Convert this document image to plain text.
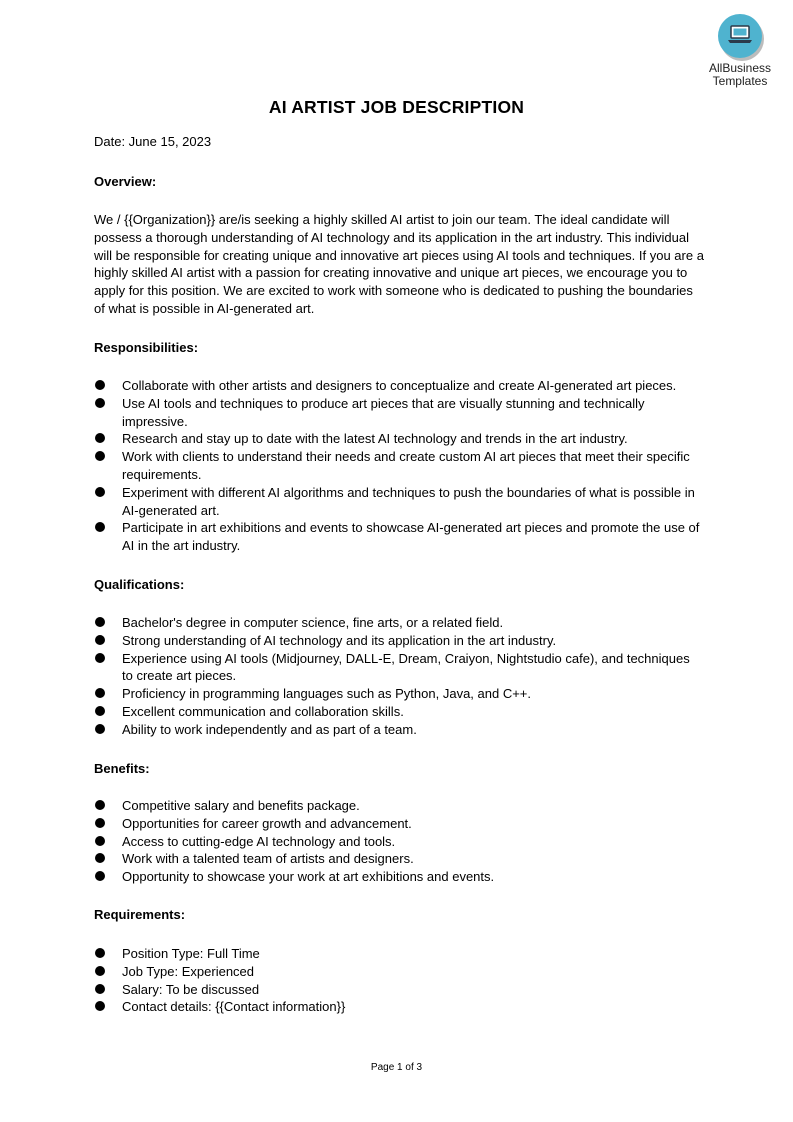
AllBusiness
Templates
AI ARTIST JOB DESCRIPTION
Date: June 15, 2023
Overview:
We / {{Organization}} are/is seeking a highly skilled AI artist to join our team. The ideal candidate will possess a thorough understanding of AI technology and its application in the art industry. This individual will be responsible for creating unique and innovative art pieces using AI tools and techniques. If you are a highly skilled AI artist with a passion for creating innovative and unique art pieces, we encourage you to apply for this position. We are excited to work with someone who is dedicated to pushing the boundaries of what is possible in AI-generated art.
Responsibilities:
Collaborate with other artists and designers to conceptualize and create AI-generated art pieces.
Use AI tools and techniques to produce art pieces that are visually stunning and technically impressive.
Research and stay up to date with the latest AI technology and trends in the art industry.
Work with clients to understand their needs and create custom AI art pieces that meet their specific requirements.
Experiment with different AI algorithms and techniques to push the boundaries of what is possible in AI-generated art.
Participate in art exhibitions and events to showcase AI-generated art pieces and promote the use of AI in the art industry.
Qualifications:
Bachelor's degree in computer science, fine arts, or a related field.
Strong understanding of AI technology and its application in the art industry.
Experience using AI tools (Midjourney, DALL-E, Dream, Craiyon, Nightstudio cafe), and techniques to create art pieces.
Proficiency in programming languages such as Python, Java, and C++.
Excellent communication and collaboration skills.
Ability to work independently and as part of a team.
Benefits:
Competitive salary and benefits package.
Opportunities for career growth and advancement.
Access to cutting-edge AI technology and tools.
Work with a talented team of artists and designers.
Opportunity to showcase your work at art exhibitions and events.
Requirements:
Position Type: Full Time
Job Type: Experienced
Salary: To be discussed
Contact details: {{Contact information}}
Page 1 of 3
